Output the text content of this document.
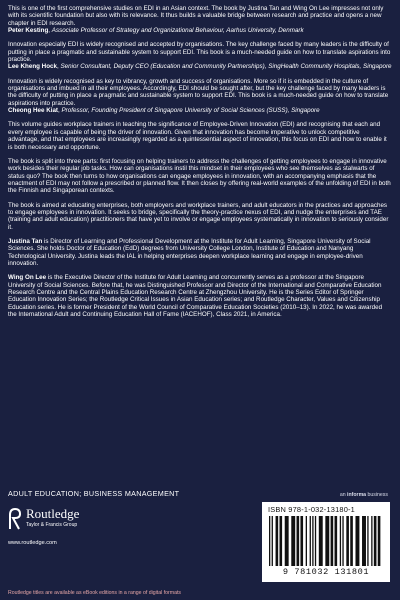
This is one of the first comprehensive studies on EDI in an Asian context. The book by Justina Tan and Wing On Lee impresses not only with its scientific foundation but also with its relevance. It thus builds a valuable bridge between research and practice and opens a new chapter in EDI research.

Peter Kesting, Associate Professor of Strategy and Organizational Behaviour, Aarhus University, Denmark

Innovation especially EDI is widely recognised and accepted by organisations. The key challenge faced by many leaders is the difficulty of putting in place a pragmatic and sustainable system to support EDI. This book is a much-needed guide on how to translate aspirations into practice.

Lee Kheng Hock, Senior Consultant, Deputy CEO (Education and Community Partnerships), SingHealth Community Hospitals, Singapore

Innovation is widely recognised as key to vibrancy, growth and success of organisations. More so if it is embedded in the culture of organisations and imbued in all their employees. Accordingly, EDI should be sought after, but the key challenge faced by many leaders is the difficulty of putting in place a pragmatic and sustainable system to support EDI. This book is a much-needed guide on how to translate aspirations into practice.

Cheong Hee Kiat, Professor, Founding President of Singapore University of Social Sciences (SUSS), Singapore

This volume guides workplace trainers in teaching the significance of Employee-Driven Innovation (EDI) and recognising that each and every employee is capable of being the driver of innovation. Given that innovation has become imperative to unlock competitive advantage, and that employees are increasingly regarded as a quintessential aspect of innovation, this focus on EDI and how to enable it is both necessary and opportune.

The book is split into three parts: first focusing on helping trainers to address the challenges of getting employees to engage in innovative work besides their regular job tasks. How can organisations instil this mindset in their employees who see themselves as stalwarts of status quo? The book then turns to how organisations can engage employees in innovation, with an accompanying emphasis that the enactment of EDI may not follow a prescribed or planned flow. It then closes by offering real-world examples of the unfolding of EDI in both the Finnish and Singaporean contexts.

The book is aimed at educating enterprises, both employers and workplace trainers, and adult educators in the practices and approaches to engage employees in innovation. It seeks to bridge, specifically the theory-practice nexus of EDI, and nudge the enterprises and TAE (training and adult education) practitioners that have yet to involve or engage employees systematically in innovation to seriously consider it.

Justina Tan is Director of Learning and Professional Development at the Institute for Adult Learning, Singapore University of Social Sciences. She holds Doctor of Education (EdD) degrees from University College London, Institute of Education and Nanyang Technological University. Justina leads the IAL in helping enterprises deepen workplace learning and engage in employee-driven innovation.

Wing On Lee is the Executive Director of the Institute for Adult Learning and concurrently serves as a professor at the Singapore University of Social Sciences. Before that, he was Distinguished Professor and Director of the International and Comparative Education Research Centre and the Central Plains Education Research Centre at Zhengzhou University. He is the Series Editor of Springer Education Innovation Series; the Routledge Critical Issues in Asian Education series; and Routledge Character, Values and Citizenship Education series. He is former President of the World Council of Comparative Education Societies (2010–13). In 2022, he was awarded the International Adult and Continuing Education Hall of Fame (IACEHOF), Class 2021, in America.

ADULT EDUCATION; BUSINESS MANAGEMENT	an informa business
Routledge
Taylor & Francis Group
www.routledge.com
ISBN 978-1-032-13180-1
9 781032 131801
Routledge titles are available as eBook editions in a range of digital formats
